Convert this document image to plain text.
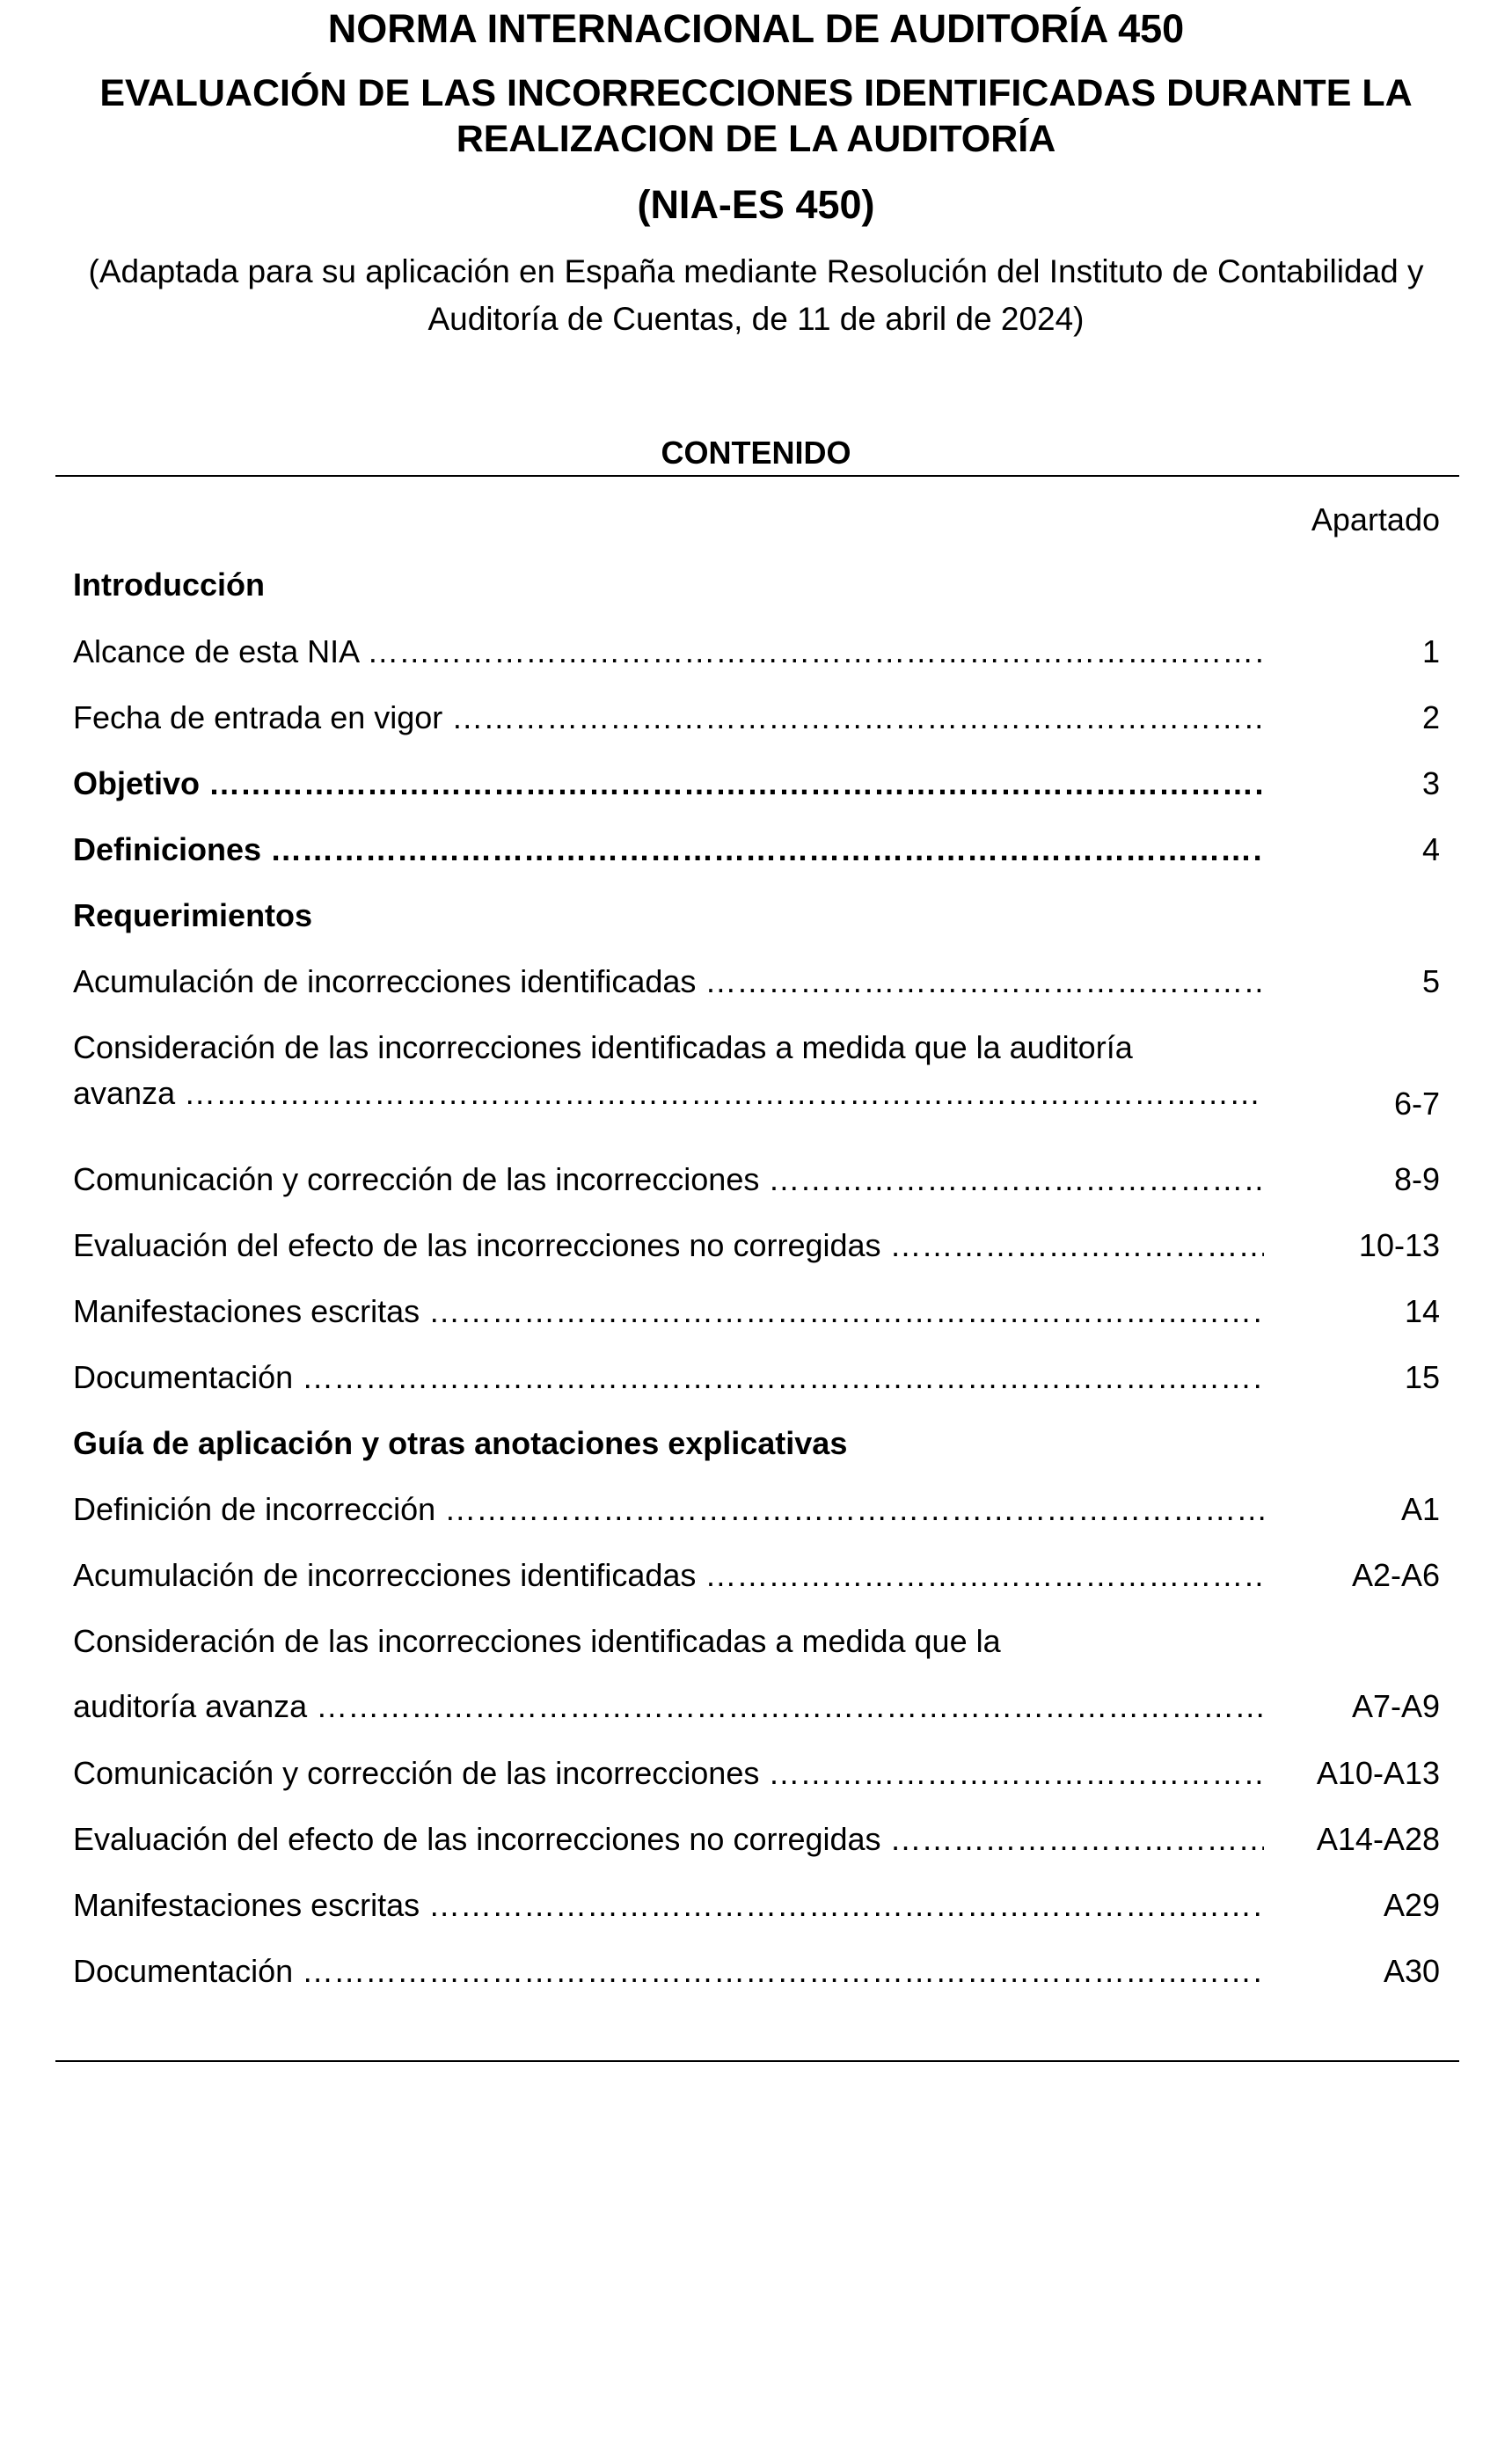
NORMA INTERNACIONAL DE AUDITORÍA 450
EVALUACIÓN DE LAS INCORRECCIONES IDENTIFICADAS DURANTE LA REALIZACION DE LA AUDITORÍA
(NIA-ES 450)
(Adaptada para su aplicación en España mediante Resolución del Instituto de Contabilidad y Auditoría de Cuentas, de 11 de abril de 2024)
CONTENIDO
Apartado
Introducción
Alcance de esta NIA ……………………………………………………………………………………………………………………………………………	1
Fecha de entrada en vigor ……………………………………………………………………………………………………………………………………………	2
Objetivo ……………………………………………………………………………………………………………………………………………	3
Definiciones ……………………………………………………………………………………………………………………………………………	4
Requerimientos
Acumulación de incorrecciones identificadas ……………………………………………………………………………………………………………………………………………	5
Consideración de las incorrecciones identificadas a medida que la auditoría
avanza ……………………………………………………………………………………………………………………………………………	6-7
Comunicación y corrección de las incorrecciones ……………………………………………………………………………………………………………………………………………	8-9
Evaluación del efecto de las incorrecciones no corregidas ……………………………………………………………………………………………………………………………………………	10-13
Manifestaciones escritas ……………………………………………………………………………………………………………………………………………	14
Documentación ……………………………………………………………………………………………………………………………………………	15
Guía de aplicación y otras anotaciones explicativas
Definición de incorrección ……………………………………………………………………………………………………………………………………………	A1
Acumulación de incorrecciones identificadas ……………………………………………………………………………………………………………………………………………	A2-A6
Consideración de las incorrecciones identificadas a medida que la
auditoría avanza ……………………………………………………………………………………………………………………………………………	A7-A9
Comunicación y corrección de las incorrecciones ……………………………………………………………………………………………………………………………………………	A10-A13
Evaluación del efecto de las incorrecciones no corregidas ……………………………………………………………………………………………………………………………………………	A14-A28
Manifestaciones escritas ……………………………………………………………………………………………………………………………………………	A29
Documentación ……………………………………………………………………………………………………………………………………………	A30
